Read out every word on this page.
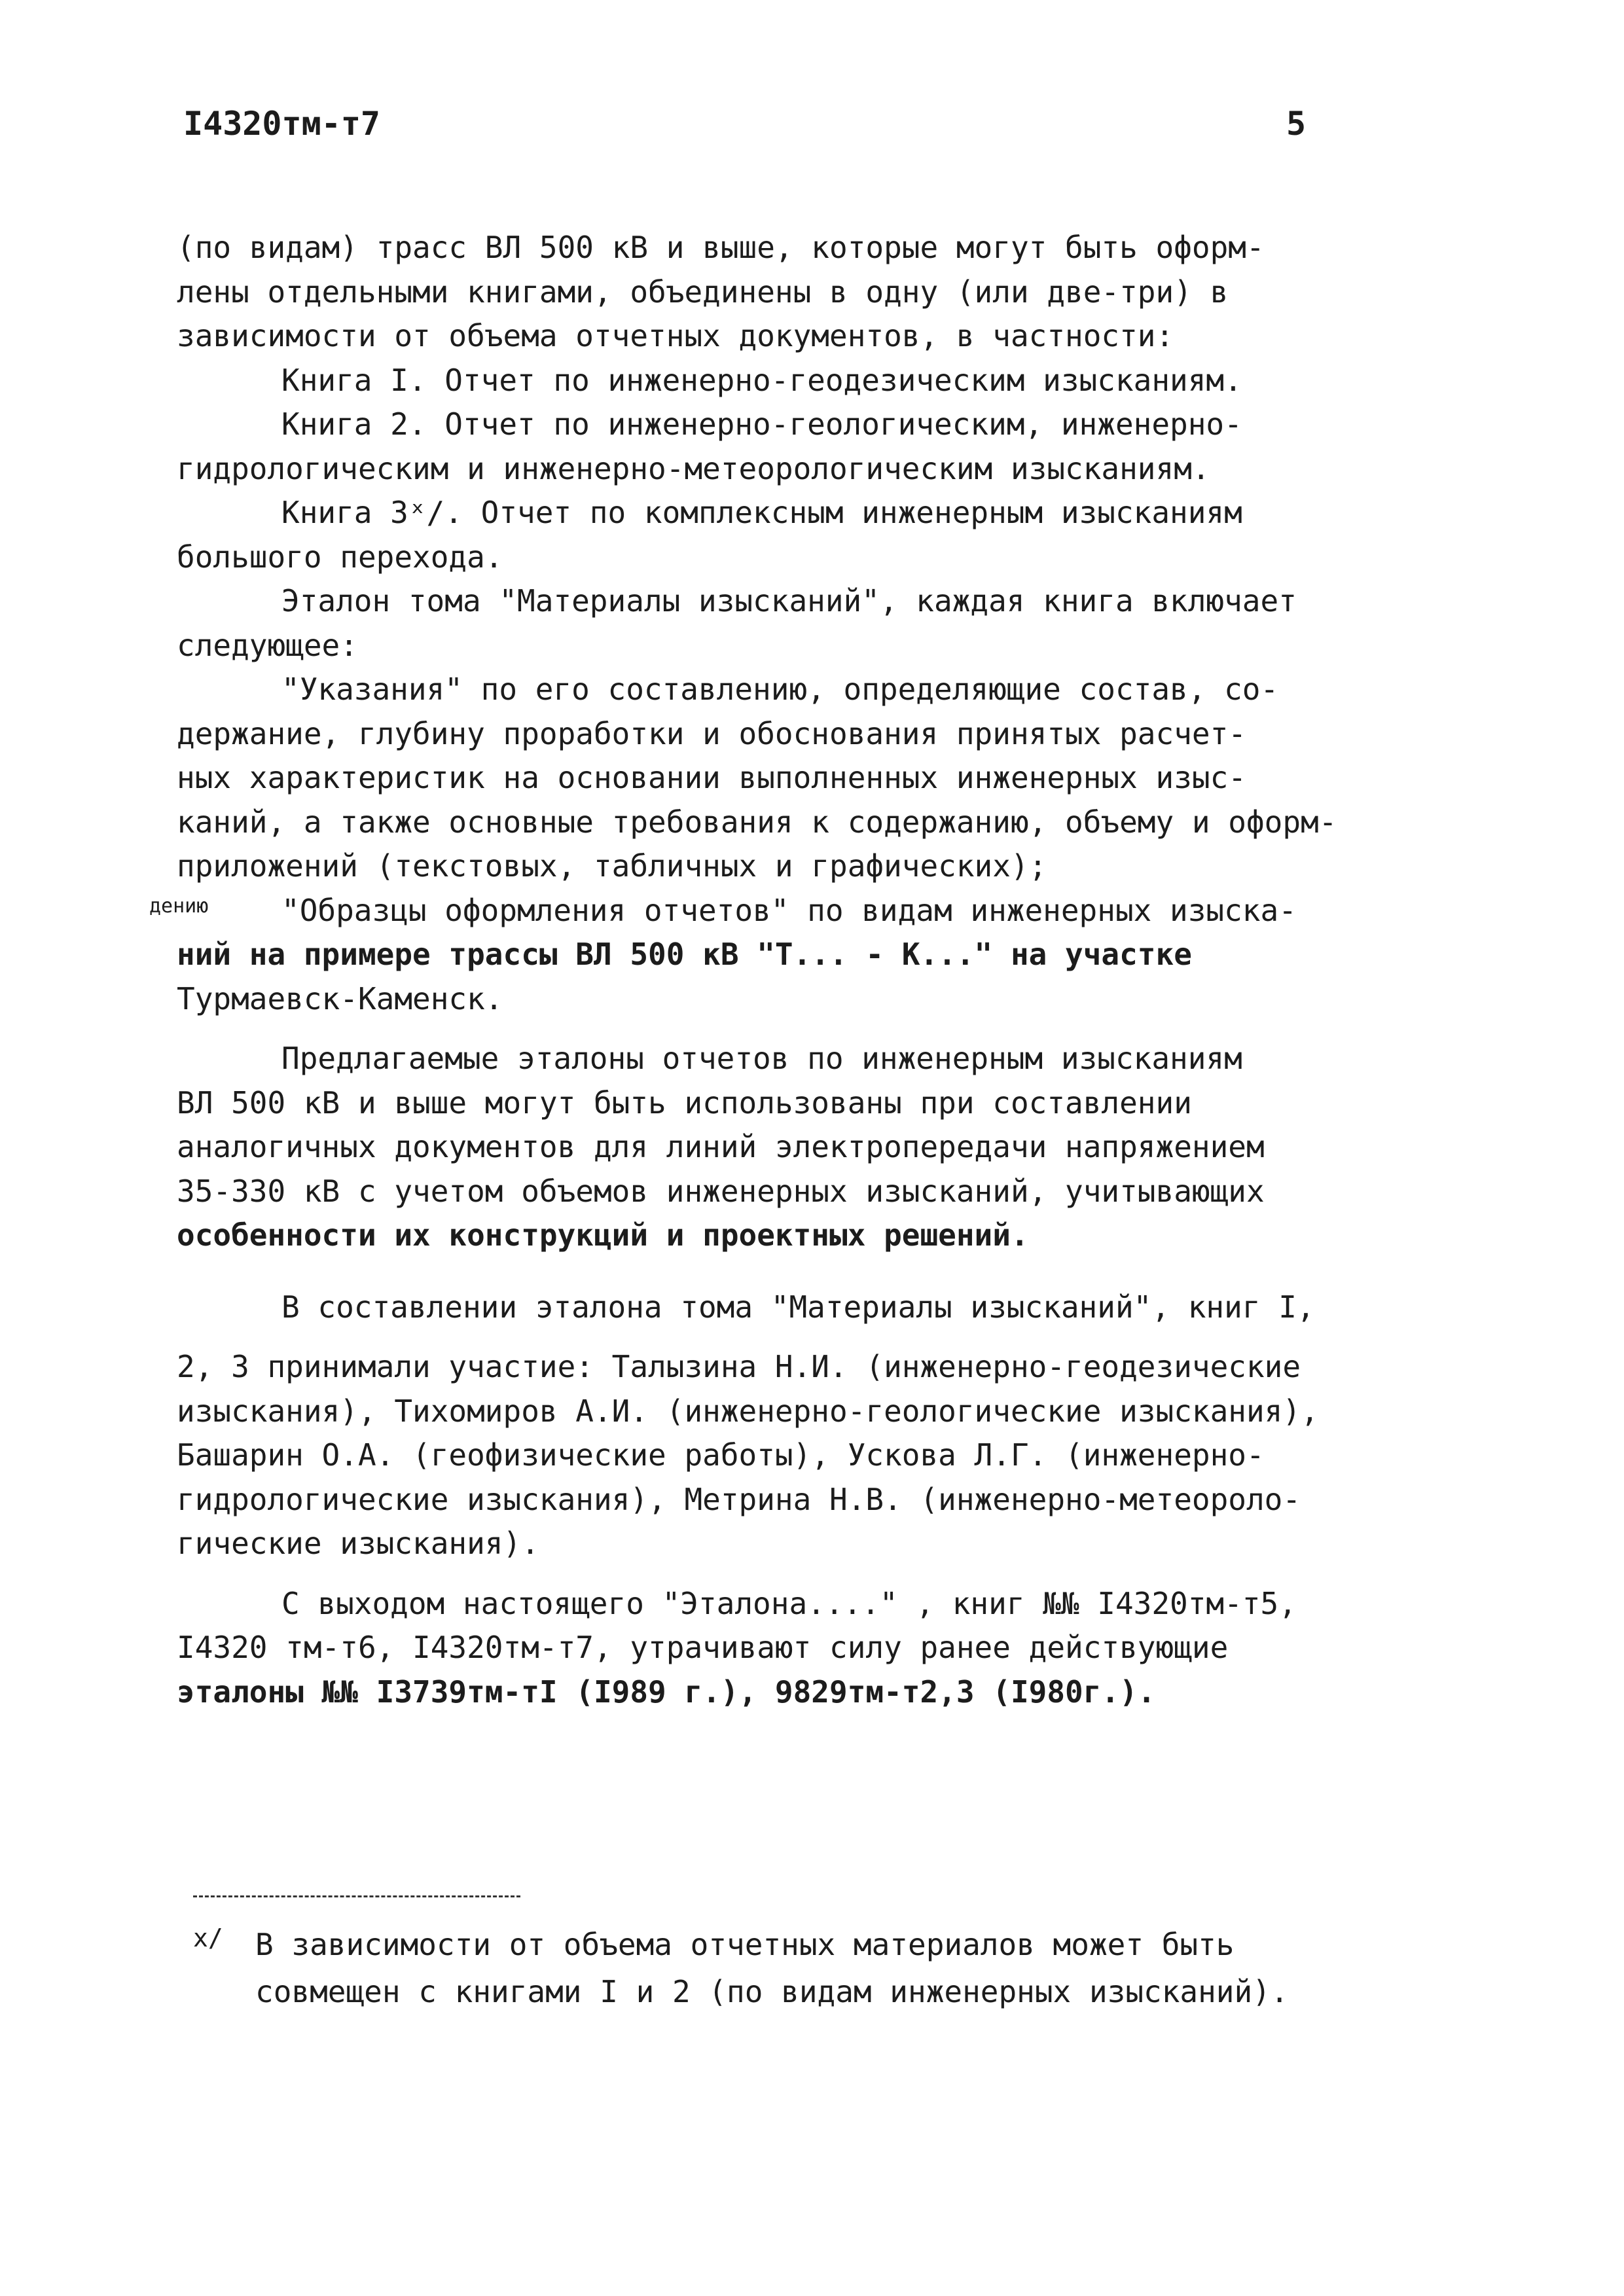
I4320тм-т7	5
(по видам) трасс ВЛ 500 кВ и выше, которые могут быть оформ-
лены отдельными книгами, объединены в одну (или две-три) в
зависимости от объема отчетных документов, в частности:
Книга I. Отчет по инженерно-геодезическим изысканиям.
Книга 2. Отчет по инженерно-геологическим, инженерно-
гидрологическим и инженерно-метеорологическим изысканиям.
Книга 3ˣ/. Отчет по комплексным инженерным изысканиям
большого перехода.
Эталон тома "Материалы изысканий", каждая книга включает
следующее:
"Указания" по его составлению, определяющие состав, со-
держание, глубину проработки и обоснования принятых расчет-
ных характеристик на основании выполненных инженерных изыс-
каний, а также основные требования к содержанию, объему и оформ-
приложений (текстовых, табличных и графических);
"Образцы оформления отчетов" по видам инженерных изыска-
ний на примере трассы ВЛ 500 кВ "Т... - К..." на участке
Турмаевск-Каменск.
Предлагаемые эталоны отчетов по инженерным изысканиям
ВЛ 500 кВ и выше могут быть использованы при составлении
аналогичных документов для линий электропередачи напряжением
35-330 кВ с учетом объемов инженерных изысканий, учитывающих
особенности их конструкций и проектных решений.
В составлении эталона тома "Материалы изысканий", книг I,
2, 3 принимали участие: Талызина Н.И. (инженерно-геодезические
изыскания), Тихомиров А.И. (инженерно-геологические изыскания),
Башарин О.А. (геофизические работы), Ускова Л.Г. (инженерно-
гидрологические изыскания), Метрина Н.В. (инженерно-метеороло-
гические изыскания).
С выходом настоящего "Эталона...." , книг №№ I4320тм-т5,
I4320 тм-т6, I4320тм-т7, утрачивают силу ранее действующие
эталоны №№ I3739тм-тI (I989 г.), 9829тм-т2,3 (I980г.).
дению
х/ В зависимости от объема отчетных материалов может быть
совмещен с книгами I и 2 (по видам инженерных изысканий).
